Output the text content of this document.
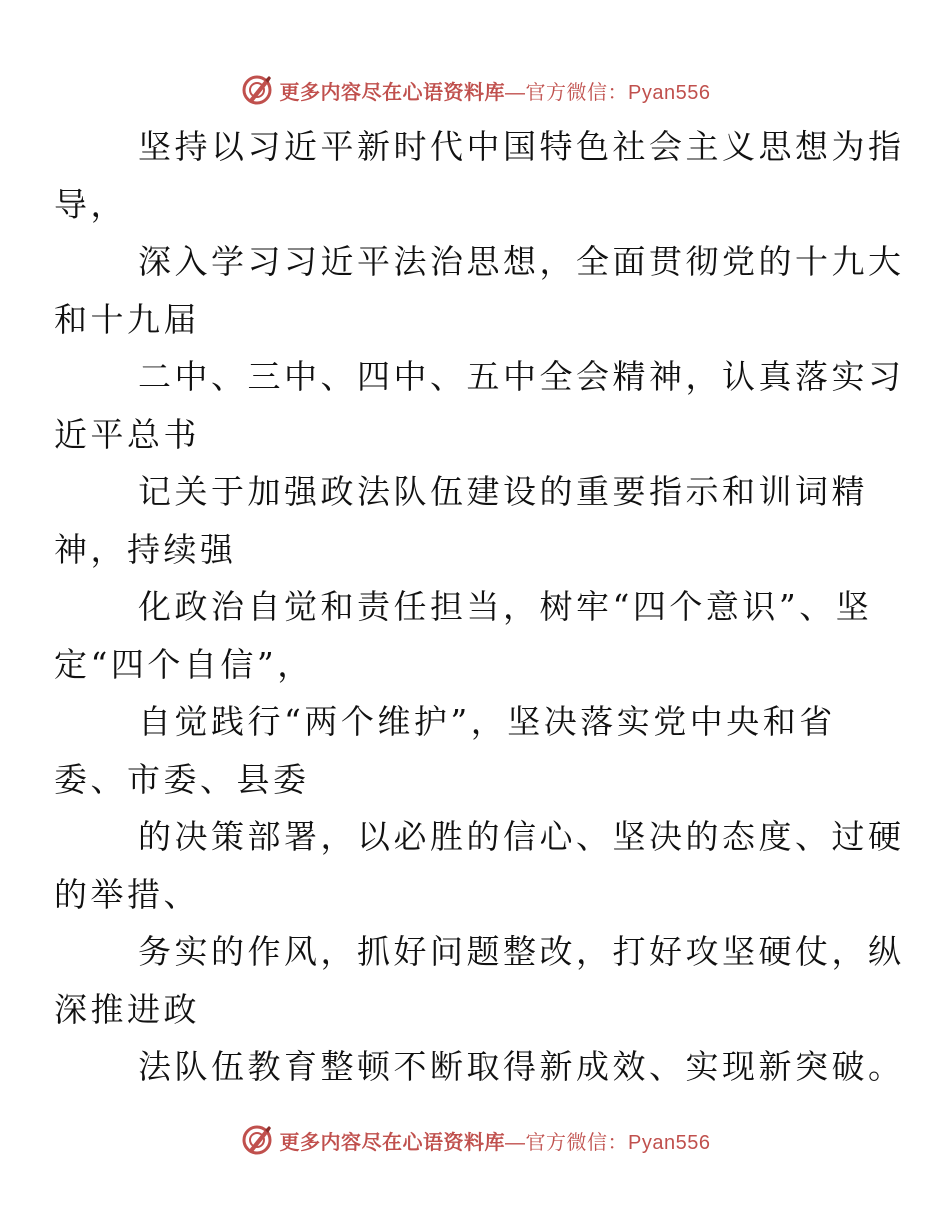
更多内容尽在心语资料库 —官方微信：Pyan556

坚持以习近平新时代中国特色社会主义思想为指
导，

深入学习习近平法治思想，全面贯彻党的十九大
和十九届

二中、三中、四中、五中全会精神，认真落实习
近平总书

记关于加强政法队伍建设的重要指示和训词精
神，持续强

化政治自觉和责任担当，树牢“四个意识”、坚
定“四个自信”，

自觉践行“两个维护”，坚决落实党中央和省
委、市委、县委

的决策部署，以必胜的信心、坚决的态度、过硬
的举措、

务实的作风，抓好问题整改，打好攻坚硬仗，纵
深推进政

法队伍教育整顿不断取得新成效、实现新突破。

更多内容尽在心语资料库 —官方微信：Pyan556
